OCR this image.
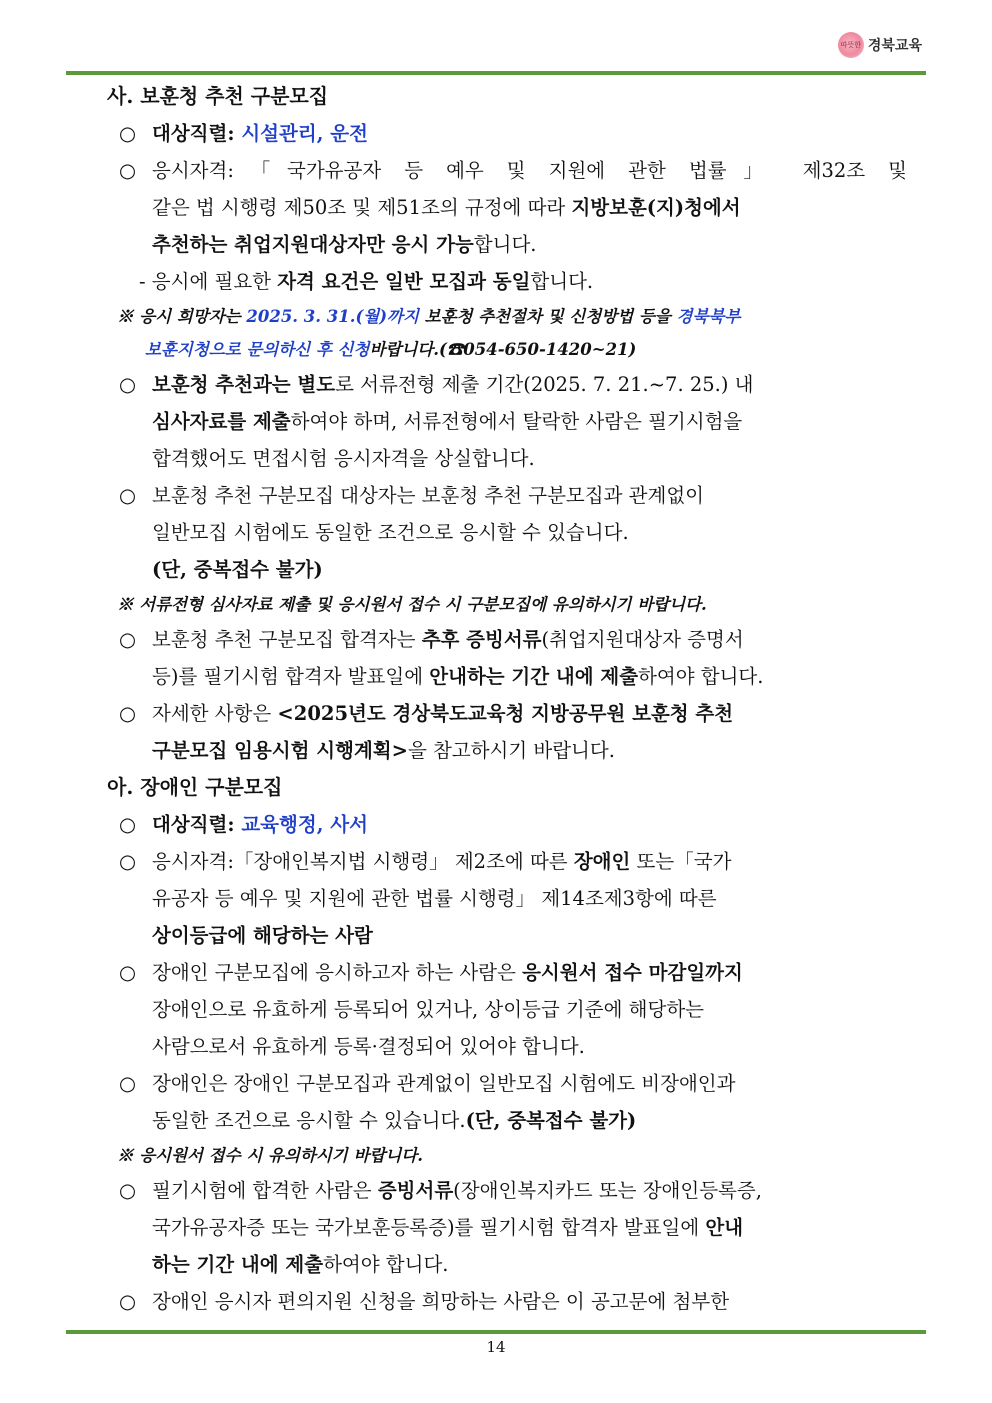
따뜻한 경북교육
사. 보훈청 추천 구분모집
○ 대상직렬: 시설관리, 운전
○ 응시자격:「국가유공자 등 예우 및 지원에 관한 법률」 제32조 및
같은 법 시행령 제50조 및 제51조의 규정에 따라 지방보훈(지)청에서
추천하는 취업지원대상자만 응시 가능합니다.
- 응시에 필요한 자격 요건은 일반 모집과 동일합니다.
※ 응시 희망자는 2025. 3. 31.(월)까지 보훈청 추천절차 및 신청방법 등을 경북북부
보훈지청으로 문의하신 후 신청바랍니다.(☎054-650-1420~21)
○ 보훈청 추천과는 별도로 서류전형 제출 기간(2025. 7. 21.~7. 25.) 내
심사자료를 제출하여야 하며, 서류전형에서 탈락한 사람은 필기시험을
합격했어도 면접시험 응시자격을 상실합니다.
○ 보훈청 추천 구분모집 대상자는 보훈청 추천 구분모집과 관계없이
일반모집 시험에도 동일한 조건으로 응시할 수 있습니다.
(단, 중복접수 불가)
※ 서류전형 심사자료 제출 및 응시원서 접수 시 구분모집에 유의하시기 바랍니다.
○ 보훈청 추천 구분모집 합격자는 추후 증빙서류(취업지원대상자 증명서
등)를 필기시험 합격자 발표일에 안내하는 기간 내에 제출하여야 합니다.
○ 자세한 사항은 <2025년도 경상북도교육청 지방공무원 보훈청 추천
구분모집 임용시험 시행계획>을 참고하시기 바랍니다.
아. 장애인 구분모집
○ 대상직렬: 교육행정, 사서
○ 응시자격:「장애인복지법 시행령」 제2조에 따른 장애인 또는「국가
유공자 등 예우 및 지원에 관한 법률 시행령」 제14조제3항에 따른
상이등급에 해당하는 사람
○ 장애인 구분모집에 응시하고자 하는 사람은 응시원서 접수 마감일까지
장애인으로 유효하게 등록되어 있거나, 상이등급 기준에 해당하는
사람으로서 유효하게 등록·결정되어 있어야 합니다.
○ 장애인은 장애인 구분모집과 관계없이 일반모집 시험에도 비장애인과
동일한 조건으로 응시할 수 있습니다.(단, 중복접수 불가)
※ 응시원서 접수 시 유의하시기 바랍니다.
○ 필기시험에 합격한 사람은 증빙서류(장애인복지카드 또는 장애인등록증,
국가유공자증 또는 국가보훈등록증)를 필기시험 합격자 발표일에 안내
하는 기간 내에 제출하여야 합니다.
○ 장애인 응시자 편의지원 신청을 희망하는 사람은 이 공고문에 첨부한
14
